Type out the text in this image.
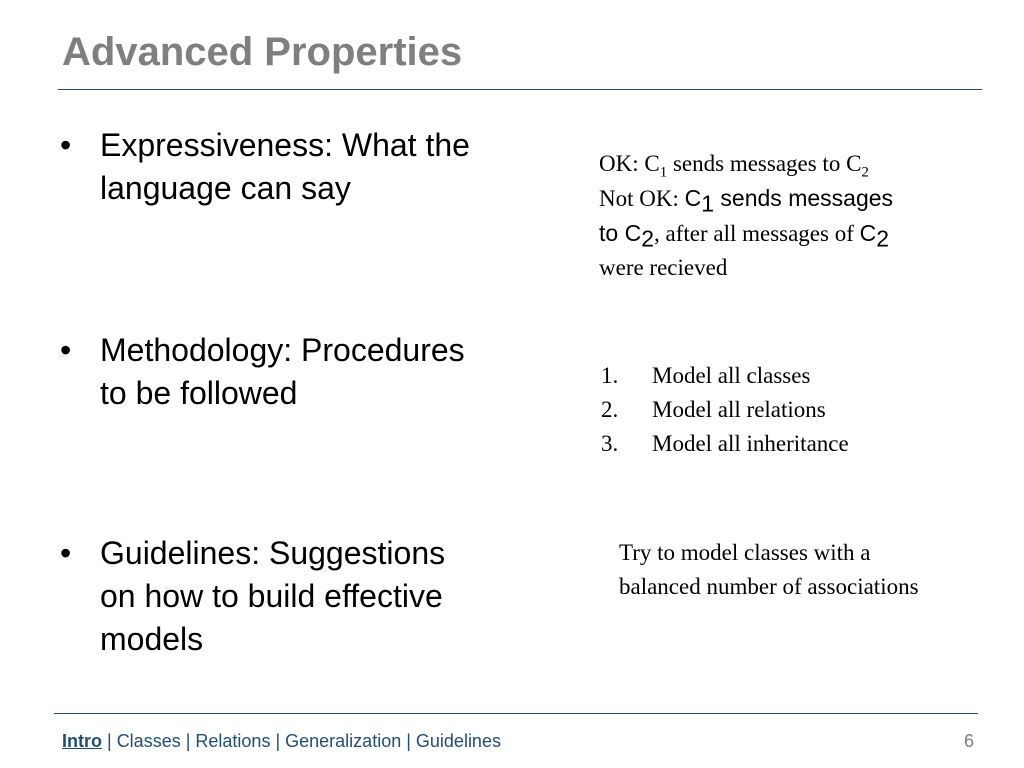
Advanced Properties
• Expressiveness: What the
language can say
• Methodology: Procedures
to be followed
• Guidelines: Suggestions
on how to build effective
models
OK: $C_1$ sends messages to $C_2$
Not OK: $C_1$ sends messages
to $C_2$, after all messages of $C_2$
were recieved
1.	Model all classes
2.	Model all relations
3.	Model all inheritance
Try to model classes with a
balanced number of associations
Intro | Classes | Relations | Generalization | Guidelines	6
